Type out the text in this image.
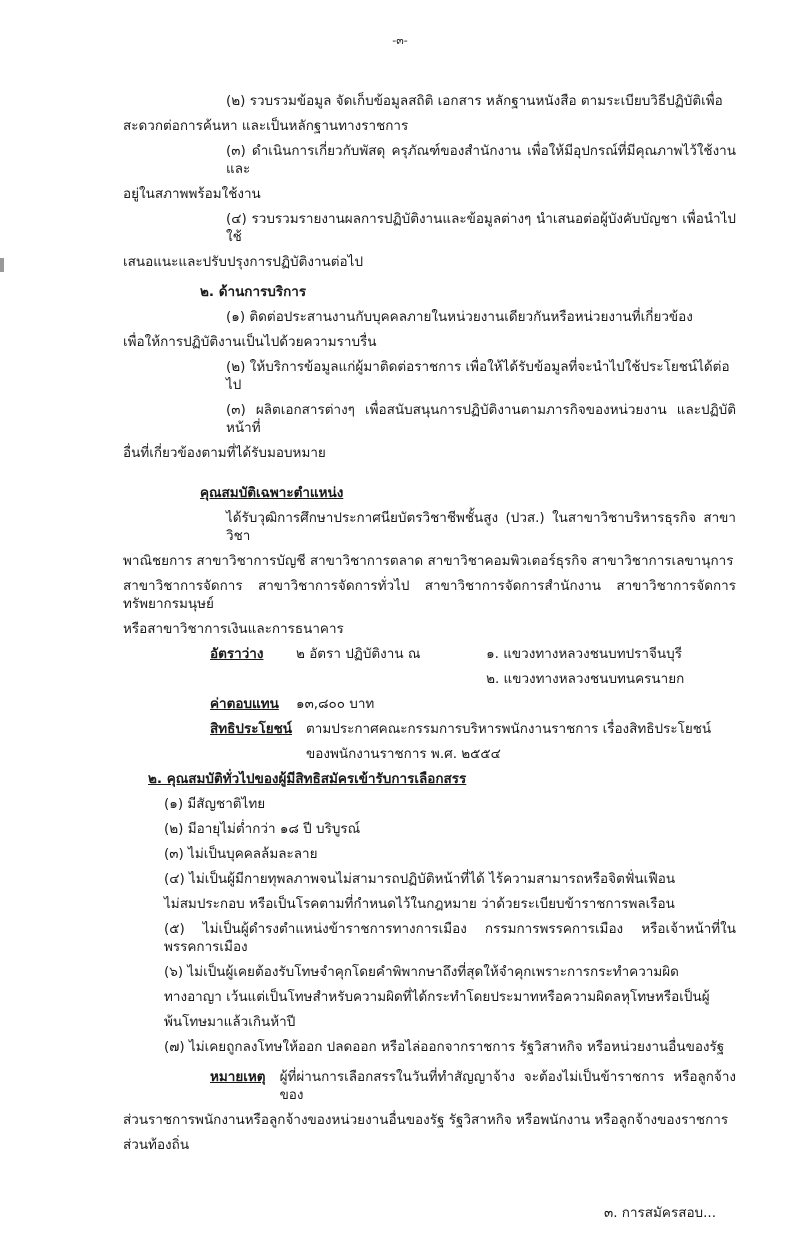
-๓-
(๒) รวบรวมข้อมูล จัดเก็บข้อมูลสถิติ เอกสาร หลักฐานหนังสือ ตามระเบียบวิธีปฏิบัติเพื่อ
สะดวกต่อการค้นหา และเป็นหลักฐานทางราชการ
(๓) ดำเนินการเกี่ยวกับพัสดุ ครุภัณฑ์ของสำนักงาน เพื่อให้มีอุปกรณ์ที่มีคุณภาพไว้ใช้งานและ
อยู่ในสภาพพร้อมใช้งาน
(๔) รวบรวมรายงานผลการปฏิบัติงานและข้อมูลต่างๆ นำเสนอต่อผู้บังคับบัญชา เพื่อนำไปใช้
เสนอแนะและปรับปรุงการปฏิบัติงานต่อไป
๒. ด้านการบริการ
(๑) ติดต่อประสานงานกับบุคคลภายในหน่วยงานเดียวกันหรือหน่วยงานที่เกี่ยวข้อง
เพื่อให้การปฏิบัติงานเป็นไปด้วยความราบรื่น
(๒) ให้บริการข้อมูลแก่ผู้มาติดต่อราชการ เพื่อให้ได้รับข้อมูลที่จะนำไปใช้ประโยชน์ได้ต่อไป
(๓) ผลิตเอกสารต่างๆ เพื่อสนับสนุนการปฏิบัติงานตามภารกิจของหน่วยงาน และปฏิบัติหน้าที่
อื่นที่เกี่ยวข้องตามที่ได้รับมอบหมาย
คุณสมบัติเฉพาะตำแหน่ง
ได้รับวุฒิการศึกษาประกาศนียบัตรวิชาชีพชั้นสูง (ปวส.) ในสาขาวิชาบริหารธุรกิจ สาขาวิชา
พาณิชยการ สาขาวิชาการบัญชี สาขาวิชาการตลาด สาขาวิชาคอมพิวเตอร์ธุรกิจ สาขาวิชาการเลขานุการ
สาขาวิชาการจัดการ สาขาวิชาการจัดการทั่วไป สาขาวิชาการจัดการสำนักงาน สาขาวิชาการจัดการทรัพยากรมนุษย์
หรือสาขาวิชาการเงินและการธนาคาร
อัตราว่าง	๒ อัตรา ปฏิบัติงาน ณ	๑. แขวงทางหลวงชนบทปราจีนบุรี
๒. แขวงทางหลวงชนบทนครนายก
ค่าตอบแทน ๑๓,๘๐๐ บาท
สิทธิประโยชน์ ตามประกาศคณะกรรมการบริหารพนักงานราชการ เรื่องสิทธิประโยชน์
ของพนักงานราชการ พ.ศ. ๒๕๕๔
๒. คุณสมบัติทั่วไปของผู้มีสิทธิสมัครเข้ารับการเลือกสรร
(๑) มีสัญชาติไทย
(๒) มีอายุไม่ต่ำกว่า ๑๘ ปี บริบูรณ์
(๓) ไม่เป็นบุคคลล้มละลาย
(๔) ไม่เป็นผู้มีกายทุพลภาพจนไม่สามารถปฏิบัติหน้าที่ได้ ไร้ความสามารถหรือจิตฟั่นเฟือน
ไม่สมประกอบ หรือเป็นโรคตามที่กำหนดไว้ในกฎหมาย ว่าด้วยระเบียบข้าราชการพลเรือน
(๕) ไม่เป็นผู้ดำรงตำแหน่งข้าราชการทางการเมือง กรรมการพรรคการเมือง หรือเจ้าหน้าที่ในพรรคการเมือง
(๖) ไม่เป็นผู้เคยต้องรับโทษจำคุกโดยคำพิพากษาถึงที่สุดให้จำคุกเพราะการกระทำความผิด
ทางอาญา เว้นแต่เป็นโทษสำหรับความผิดที่ได้กระทำโดยประมาทหรือความผิดลหุโทษหรือเป็นผู้
พ้นโทษมาแล้วเกินห้าปี
(๗) ไม่เคยถูกลงโทษให้ออก ปลดออก หรือไล่ออกจากราชการ รัฐวิสาหกิจ หรือหน่วยงานอื่นของรัฐ
หมายเหตุ ผู้ที่ผ่านการเลือกสรรในวันที่ทำสัญญาจ้าง จะต้องไม่เป็นข้าราชการ หรือลูกจ้างของ
ส่วนราชการพนักงานหรือลูกจ้างของหน่วยงานอื่นของรัฐ รัฐวิสาหกิจ หรือพนักงาน หรือลูกจ้างของราชการ
ส่วนท้องถิ่น
๓. การสมัครสอบ...
